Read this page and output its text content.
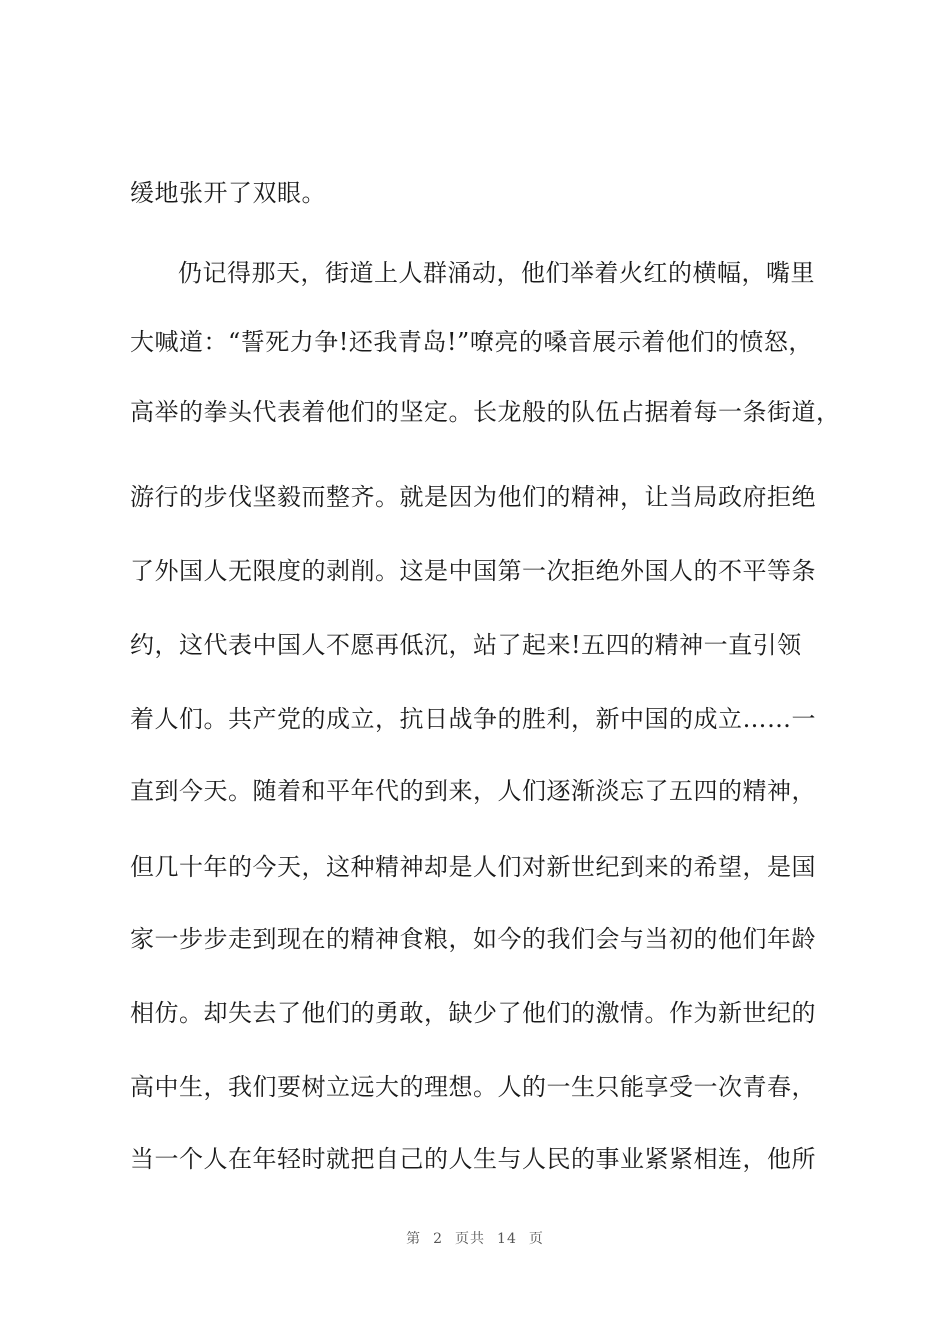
缓地张开了双眼。
仍记得那天，街道上人群涌动，他们举着火红的横幅，嘴里
大喊道：“誓死力争!还我青岛!”嘹亮的嗓音展示着他们的愤怒，
高举的拳头代表着他们的坚定。长龙般的队伍占据着每一条街道，
游行的步伐坚毅而整齐。就是因为他们的精神，让当局政府拒绝
了外国人无限度的剥削。这是中国第一次拒绝外国人的不平等条
约，这代表中国人不愿再低沉，站了起来!五四的精神一直引领
着人们。共产党的成立，抗日战争的胜利，新中国的成立……一
直到今天。随着和平年代的到来，人们逐渐淡忘了五四的精神，
但几十年的今天，这种精神却是人们对新世纪到来的希望，是国
家一步步走到现在的精神食粮，如今的我们会与当初的他们年龄
相仿。却失去了他们的勇敢，缺少了他们的激情。作为新世纪的
高中生，我们要树立远大的理想。人的一生只能享受一次青春，
当一个人在年轻时就把自己的人生与人民的事业紧紧相连，他所
第 2 页共 14 页
